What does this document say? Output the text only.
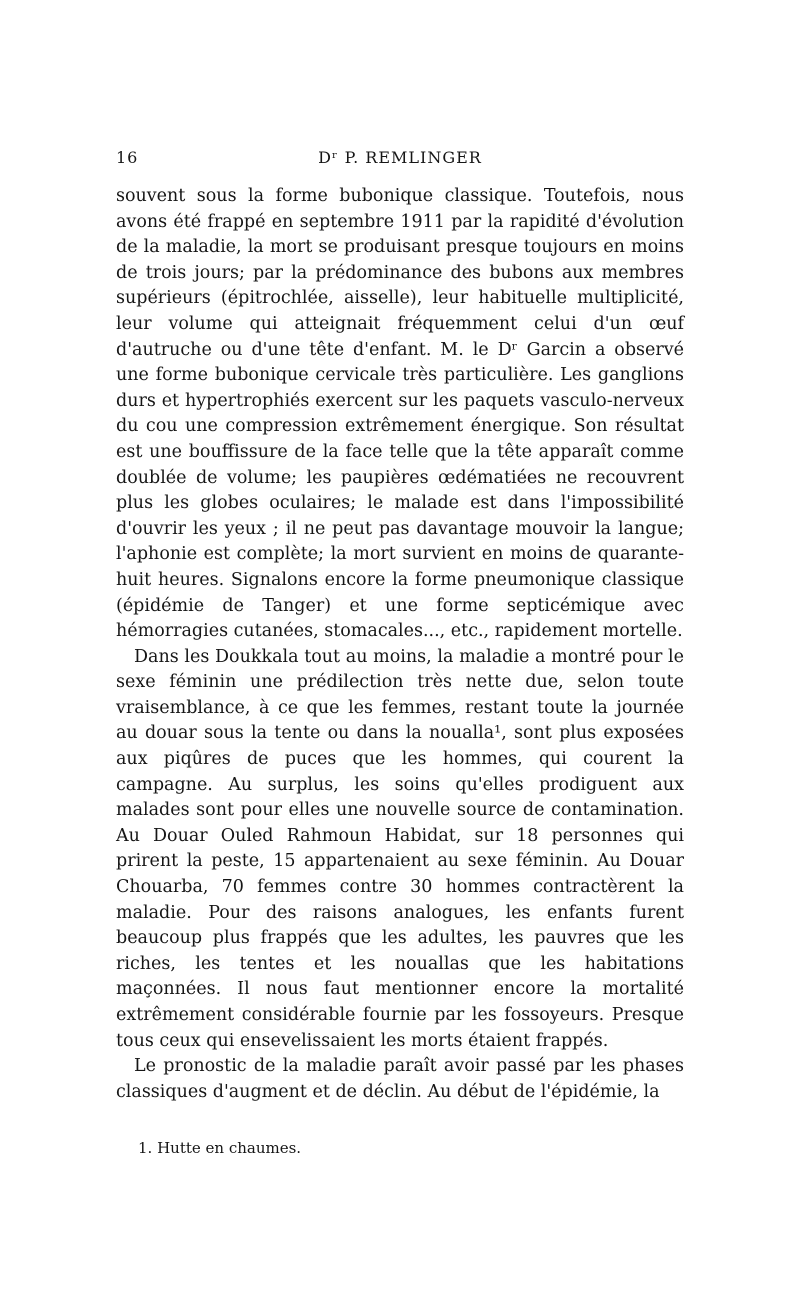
16	Dʳ P. REMLINGER

souvent sous la forme bubonique classique. Toutefois, nous avons été frappé en septembre 1911 par la rapidité d'évolution de la maladie, la mort se produisant presque toujours en moins de trois jours; par la prédominance des bubons aux membres supérieurs (épitrochlée, aisselle), leur habituelle multiplicité, leur volume qui atteignait fréquemment celui d'un œuf d'autruche ou d'une tête d'enfant. M. le Dʳ Garcin a observé une forme bubonique cervicale très particulière. Les ganglions durs et hypertrophiés exercent sur les paquets vasculo-nerveux du cou une compression extrêmement énergique. Son résultat est une bouffissure de la face telle que la tête apparaît comme doublée de volume; les paupières œdématiées ne recouvrent plus les globes oculaires; le malade est dans l'impossibilité d'ouvrir les yeux ; il ne peut pas davantage mouvoir la langue; l'aphonie est complète; la mort survient en moins de quarante-huit heures. Signalons encore la forme pneumonique classique (épidémie de Tanger) et une forme septicémique avec hémorragies cutanées, stomacales..., etc., rapidement mortelle.

Dans les Doukkala tout au moins, la maladie a montré pour le sexe féminin une prédilection très nette due, selon toute vraisemblance, à ce que les femmes, restant toute la journée au douar sous la tente ou dans la noualla¹, sont plus exposées aux piqûres de puces que les hommes, qui courent la campagne. Au surplus, les soins qu'elles prodiguent aux malades sont pour elles une nouvelle source de contamination. Au Douar Ouled Rahmoun Habidat, sur 18 personnes qui prirent la peste, 15 appartenaient au sexe féminin. Au Douar Chouarba, 70 femmes contre 30 hommes contractèrent la maladie. Pour des raisons analogues, les enfants furent beaucoup plus frappés que les adultes, les pauvres que les riches, les tentes et les nouallas que les habitations maçonnées. Il nous faut mentionner encore la mortalité extrêmement considérable fournie par les fossoyeurs. Presque tous ceux qui ensevelissaient les morts étaient frappés.

Le pronostic de la maladie paraît avoir passé par les phases classiques d'augment et de déclin. Au début de l'épidémie, la

1. Hutte en chaumes.
